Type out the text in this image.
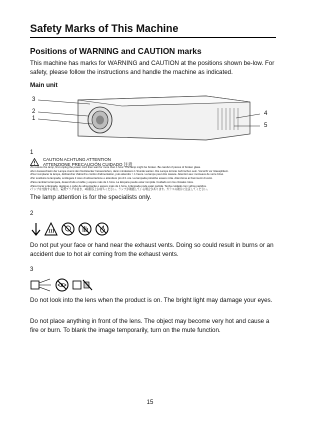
Safety Marks of This Machine
Positions of WARNING and CAUTION marks
This machine has marks for WARNING and CAUTION at the positions shown be-low. For safety, please follow the instructions and handle the machine as indicated.
Main unit
3
2
1
4
5
1
CAUTION ACHTUNG ATTENTION
ATTENZIONE PRECAUCIÓN CUIDADO 注意
•To reduce the lamp, first unplug the power cord then wait for more than 1 hour. The lamp might be broken. Be careful of pieces of broken glass.
•Zum Auswechseln der Lampe zuerst den Netzstecker herausziehen, dann mindestens 1 Stunde warten. Die Lampe könnte zerbrochen sein. Vorsicht vor Glassplittern.
•Pour remplacer la lampe, débrancher d'abord le cordon d'alimentation, puis attendre > 1 heure. La lampe peut être cassée. Attention aux morceaux de verre brisé.
•Per sostituire la lampada, scollegare il cavo di alimentazione e attendere più di 1 ora. La lampada potrebbe essere rotta. Attenzione ai frammenti di vetro.
•Para cambiar la lámpara, desenchufe el cable y espere más de 1 hora. La lámpara puede estar rompida. Cuidado con los cristales rotos.
•Para trocar a lâmpada, desligue o cabo de alimentação e espere mais de 1 hora. A lâmpada pode estar partida. Tenha cuidado com vidros partidos.
•ランプを交換する場合、電源プラグを抜き、1時間以上お待ちください。ランプが破損している場合があります。ガラスの破片に注意してください。
The lamp attention is for the specialists only.
2
Do not put your face or hand near the exhaust vents. Doing so could result in burns or an accident due to hot air coming from the exhaust vents.
3
Do not look into the lens when the product is on. The bright light may damage your eyes.
Do not place anything in front of the lens. The object may become very hot and cause a fire or burn. To blank the image temporarily, turn on the mute function.
15
